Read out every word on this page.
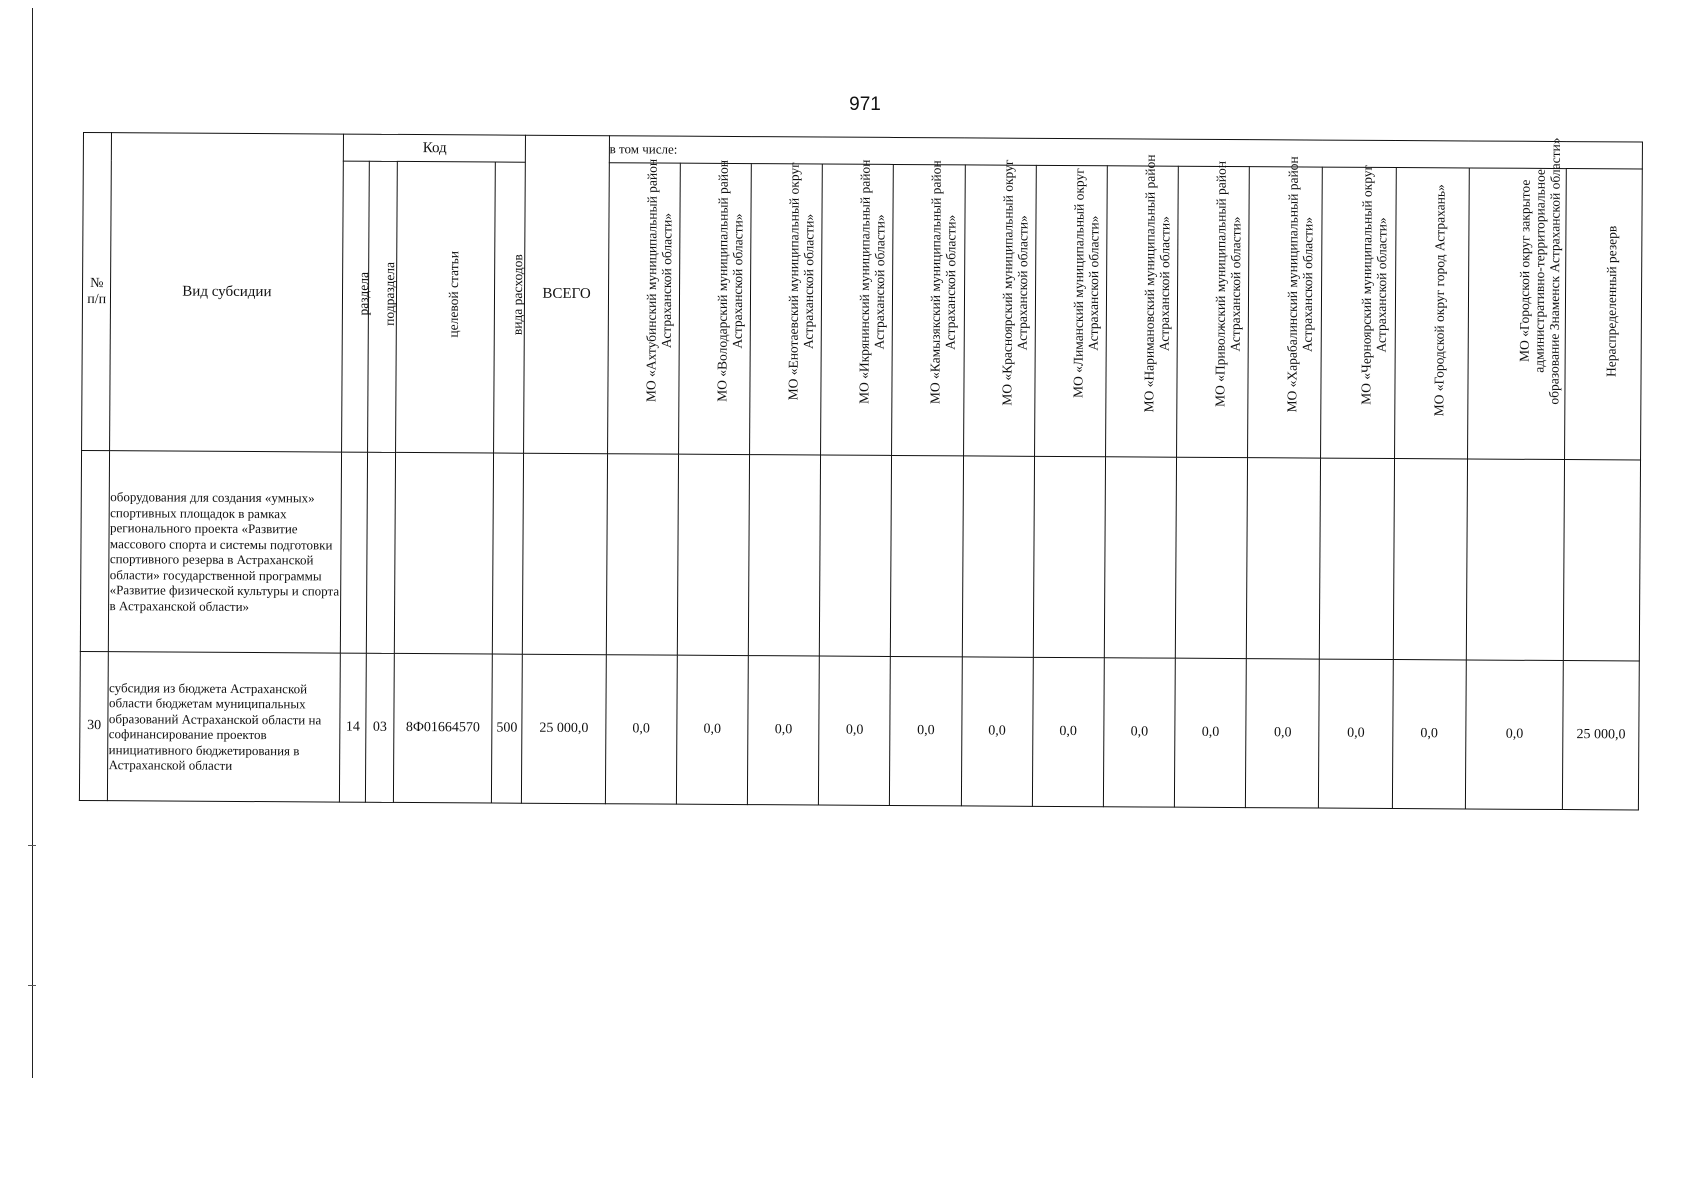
971
№ п/п	Вид субсидии	Код				ВСЕГО	в том числе:													

		раздела	подраздела	целевой статьи	вида расходов		МО «Ахтубинский муниципальный район Астраханской области»	МО «Володарский муниципальный район Астраханской области»	МО «Енотаевский муниципальный округ Астраханской области»	МО «Икрянинский муниципальный район Астраханской области»	МО «Камызякский муниципальный район Астраханской области»	МО «Красноярский муниципальный округ Астраханской области»	МО «Лиманский муниципальный округ Астраханской области»	МО «Наримановский муниципальный район Астраханской области»	МО «Приволжский муниципальный район Астраханской области»	МО «Харабалинский муниципальный район Астраханской области»	МО «Черноярский муниципальный округ Астраханской области»	МО «Городской округ город Астрахань»	МО «Городской округ закрытое административно-территориальное образование Знаменск Астраханской области»	Нераспределенный резерв

	оборудования для создания «умных» спортивных площадок в рамках регионального проекта «Развитие массового спорта и системы подготовки спортивного резерва в Астраханской области» государственной программы «Развитие физической культуры и спорта в Астраханской области»																			
30	субсидия из бюджета Астраханской области бюджетам муниципальных образований Астраханской области на софинансирование проектов инициативного бюджетирования в Астраханской области	14	03	8Ф01664570	500	25 000,0	0,0	0,0	0,0	0,0	0,0	0,0	0,0	0,0	0,0	0,0	0,0	0,0	0,0	25 000,0
